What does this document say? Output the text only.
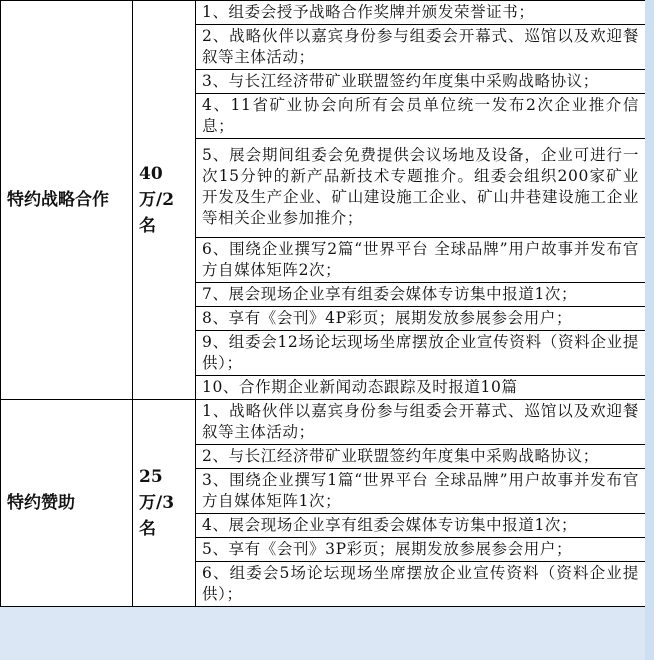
特约战略合作	40 万/2名	1、组委会授予战略合作奖牌并颁发荣誉证书；
		2、战略伙伴以嘉宾身份参与组委会开幕式、巡馆以及欢迎餐叙等主体活动；
		3、与长江经济带矿业联盟签约年度集中采购战略协议；
		4、11省矿业协会向所有会员单位统一发布2次企业推介信息；
		5、展会期间组委会免费提供会议场地及设备，企业可进行一次15分钟的新产品新技术专题推介。组委会组织200家矿业开发及生产企业、矿山建设施工企业、矿山井巷建设施工企业等相关企业参加推介；
		6、围绕企业撰写2篇“世界平台 全球品牌”用户故事并发布官方自媒体矩阵2次；
		7、展会现场企业享有组委会媒体专访集中报道1次；
		8、享有《会刊》4P彩页；展期发放参展参会用户；
		9、组委会12场论坛现场坐席摆放企业宣传资料（资料企业提供）；
		10、合作期企业新闻动态跟踪及时报道10篇
特约赞助	25 万/3名	1、战略伙伴以嘉宾身份参与组委会开幕式、巡馆以及欢迎餐叙等主体活动；
		2、与长江经济带矿业联盟签约年度集中采购战略协议；
		3、围绕企业撰写1篇“世界平台 全球品牌”用户故事并发布官方自媒体矩阵1次；
		4、展会现场企业享有组委会媒体专访集中报道1次；
		5、享有《会刊》3P彩页；展期发放参展参会用户；
		6、组委会5场论坛现场坐席摆放企业宣传资料（资料企业提供）；
